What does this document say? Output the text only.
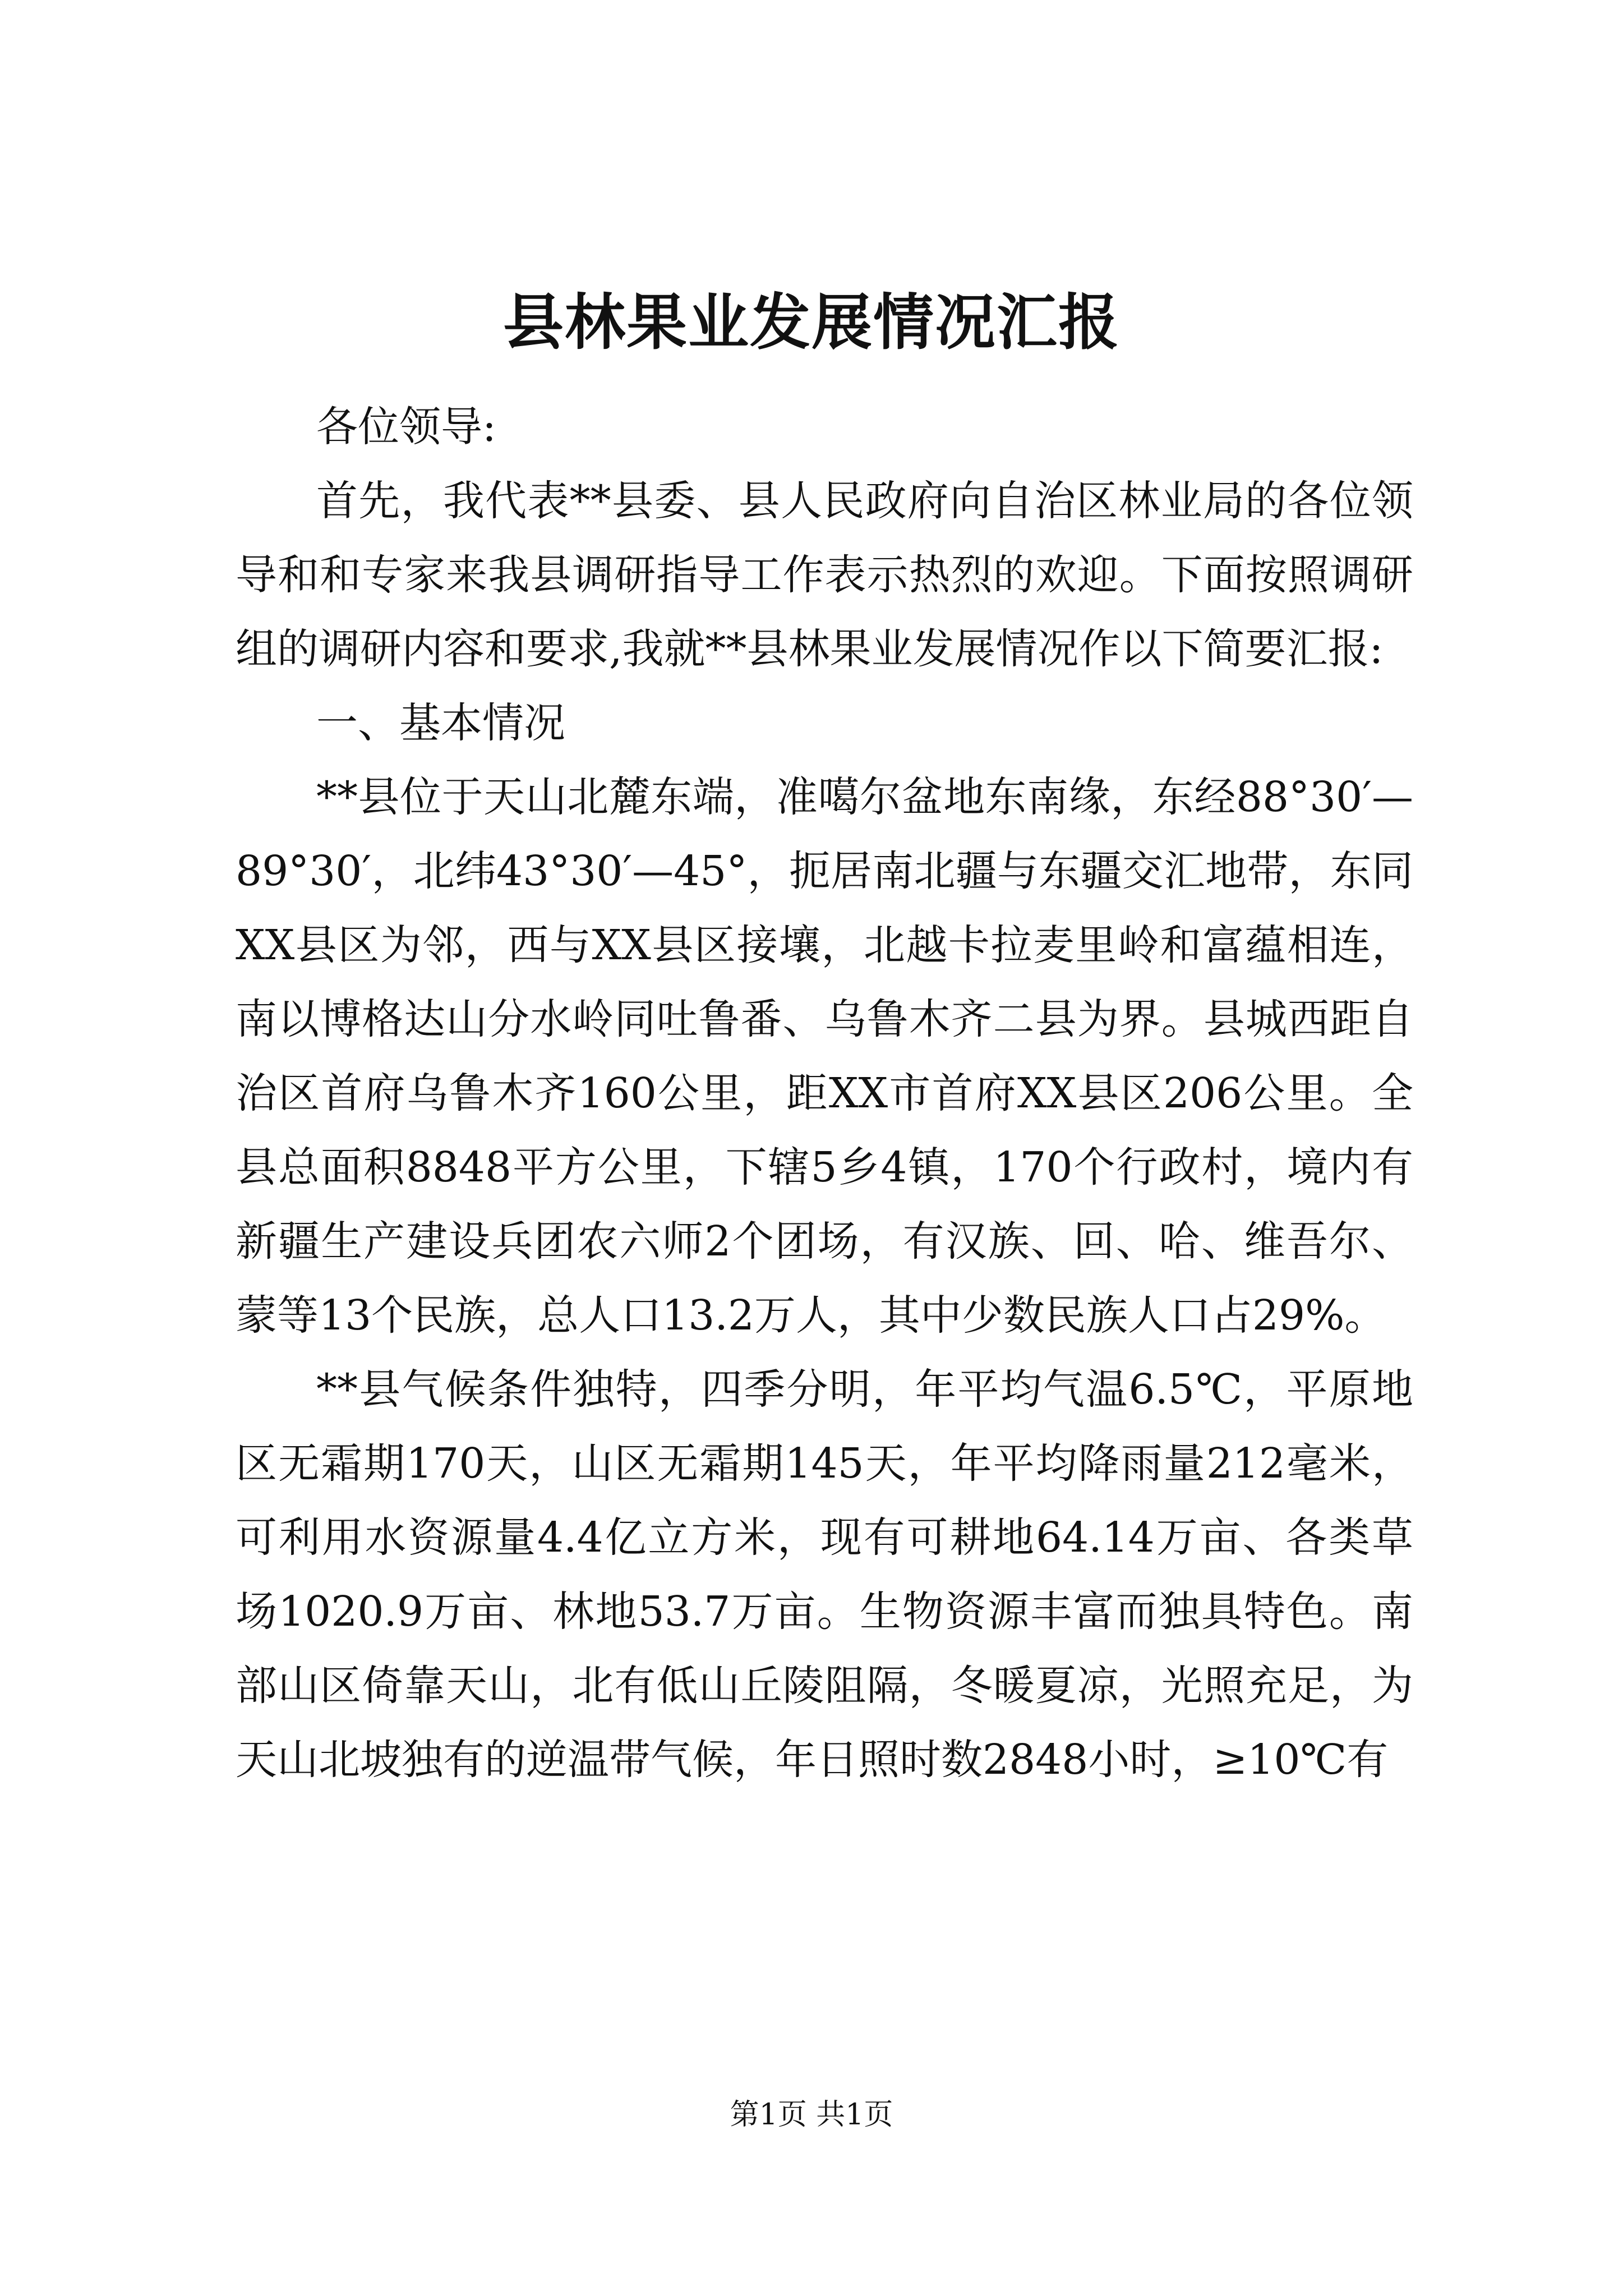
县林果业发展情况汇报

各位领导:

首先，我代表**县委、县人民政府向自治区林业局的各位领导和和专家来我县调研指导工作表示热烈的欢迎。下面按照调研组的调研内容和要求,我就**县林果业发展情况作以下简要汇报:

一、基本情况

**县位于天山北麓东端，准噶尔盆地东南缘，东经88°30′—89°30′，北纬43°30′—45°，扼居南北疆与东疆交汇地带，东同XX县区为邻，西与XX县区接壤，北越卡拉麦里岭和富蕴相连，南以博格达山分水岭同吐鲁番、乌鲁木齐二县为界。县城西距自治区首府乌鲁木齐160公里，距XX市首府XX县区206公里。全县总面积8848平方公里，下辖5乡4镇，170个行政村，境内有新疆生产建设兵团农六师2个团场，有汉族、回、哈、维吾尔、蒙等13个民族，总人口13.2万人，其中少数民族人口占29%。

**县气候条件独特，四季分明，年平均气温6.5℃，平原地区无霜期170天，山区无霜期145天，年平均降雨量212毫米，可利用水资源量4.4亿立方米，现有可耕地64.14万亩、各类草场1020.9万亩、林地53.7万亩。生物资源丰富而独具特色。南部山区倚靠天山，北有低山丘陵阻隔，冬暖夏凉，光照充足，为天山北坡独有的逆温带气候，年日照时数2848小时，≥10℃有

第1页 共1页
